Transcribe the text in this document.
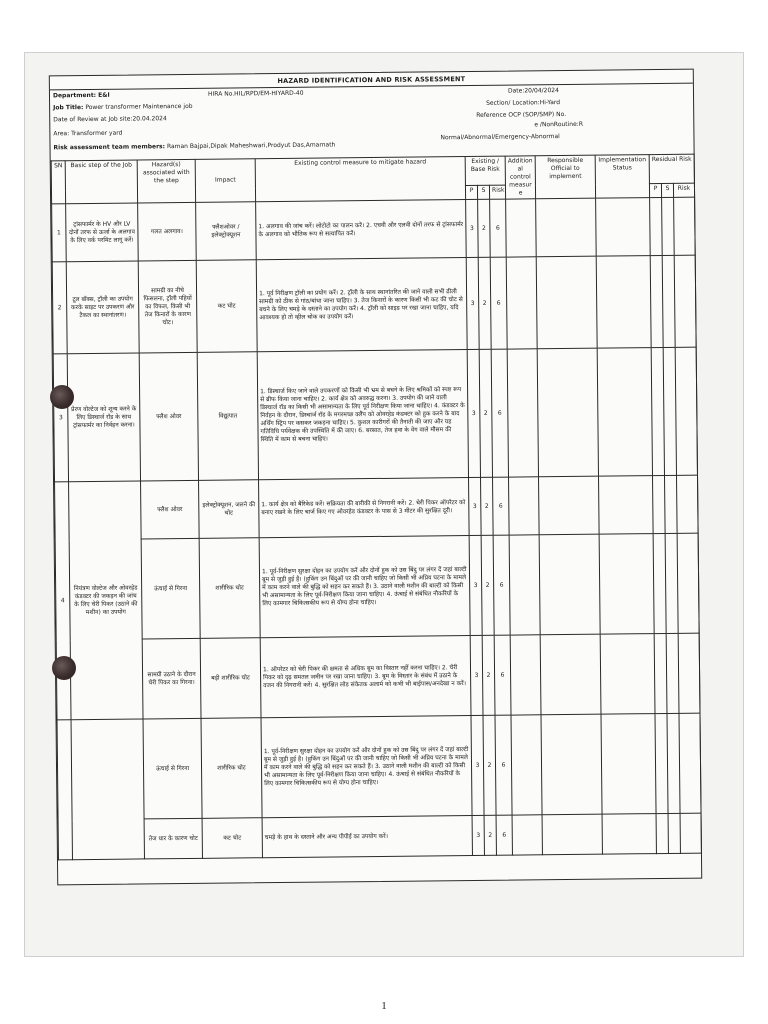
HAZARD IDENTIFICATION AND RISK ASSESSMENT
Department: E&I	HIRA No.HIL/RPD/EM-HIYARD-40	Date:20/04/2024
Job Title: Power transformer Maintenance job	Section/ Location:Hi-Yard
Date of Review at Job site:20.04.2024
Reference OCP (SOP/SMP) No.
e /NonRoutine:R
Area: Transformer yard	Normal/Abnormal/Emergency-Abnormal
Risk assessment team members: Raman Bajpai,Dipak Maheshwari,Prodyut Das,Amarnath
SN	Basic step of the Job	Hazard(s) associated with the step	Impact	Existing control measure to mitigate hazard	Existing / Base Risk			Addition al control measur e	Responsible Official to implement	Implementation Status	Residual Risk		
					P	S	Risk				P	S	Risk
1	ट्रांसफार्मर के HV और LV दोनों तरफ से ऊर्जा के अलगाव के लिए वर्क परमिट लागू करें।	गलत अलगाव।	फ्लैशओवर / इलेक्ट्रोक्यूशन	1. अलगाव की जांच करें। लोटोटो का पालन करें। 2. एचवी और एलवी दोनों तरफ से ट्रांसफार्मर के अलगाव को भौतिक रूप से सत्यापित करें।	3	2	6						
2	टूल बॉक्स, ट्रॉली का उपयोग करके साइट पर उपकरण और टैकल का स्थानांतरण।	सामग्री का नीचे फिसलना, ट्रॉली पहियों का विफल, किसी भी तेज किनारों के कारण चोट।	कट चोट	1. पूर्व निरीक्षण ट्रॉली का प्रयोग करें। 2. ट्रॉली के साथ स्थानांतरित की जाने वाली सभी ढीली सामग्री को ठीक से गांठ/बांधा जाना चाहिए। 3. तेज किनारों के कारण किसी भी कट की चोट से बचने के लिए चमड़े के दस्ताने का उपयोग करें। 4. ट्रॉली को साइड पर रखा जाना चाहिए, यदि आवश्यक हो तो व्हील चोक का उपयोग करें।	3	2	6						
3	प्रेरण वोल्टेज को शून्य करने के लिए डिस्चार्ज रॉड के साथ ट्रांसफार्मर का निर्वहन करना।	फ्लैश ओवर	विद्युत्पात	1. डिस्चार्ज किए जाने वाले उपकरणों को किसी भी भ्रम से बचने के लिए श्रमिकों को स्पष्ट रूप से ब्रीफ किया जाना चाहिए। 2. कार्य क्षेत्र को अवरुद्ध करना। 3. उपयोग की जाने वाली डिस्चार्ज रॉड का किसी भी असामान्यता के लिए पूर्व निरीक्षण किया जाना चाहिए। 4. कंडक्टर के निर्वहन के दौरान, डिस्चार्ज रॉड के मगरमच्छ क्लैंप को ओवरहेड कंडक्टर को हुक करने के बाद अर्थिंग स्ट्रिप पर कसकर जकड़ना चाहिए। 5. कुशल कारीगरों की तैनाती की जाए और यह गतिविधि पर्यवेक्षक की उपस्थिति में की जाए। 6. बरसात, तेज हवा के वेग वाले मौसम की स्थिति में काम से बचना चाहिए।	3	2	6						
4	नियंत्रण वोल्टेज और ओवरहेड कंडक्टर की जकड़न की जांच के लिए चेरी पिकर (उठाने की मशीन) का उपयोग	फ्लैश ओवर	इलेक्ट्रोक्यूशन, जलने की चोट	1. कार्य क्षेत्र को बैरिकेड करें। सक्रियता की बारीकी से निगरानी करें। 2. चेरी पिकर ऑपरेटर को बनाए रखने के लिए चार्ज किए गए ओवरहेड कंडक्टर के पास से 3 मीटर की सुरक्षित दूरी।	3	2	6						
		ऊंचाई से गिरना	शारीरिक चोट	1. पूर्व-निरीक्षण सुरक्षा दोहन का उपयोग करें और दोनों हुक को उस बिंदु पर लंगर दें जहां बाल्टी बूम से जुड़ी हुई है। (हुकिंग उन बिंदुओं पर की जानी चाहिए जो किसी भी अप्रिय घटना के मामले में काम करने वाले की बुद्धि को सहन कर सकते हैं। 3. उठाने वाली मशीन की बाल्टी को किसी भी असामान्यता के लिए पूर्व-निरीक्षण किया जाना चाहिए। 4. ऊंचाई से संबंधित नौकरियों के लिए कामगार चिकित्सकीय रूप से योग्य होना चाहिए।	3	2	6						
		सामग्री उठाने के दौरान चेरी पिकर का गिरना।	बड़ी शारीरिक चोट	1. ऑपरेटर को चेरी पिकर की क्षमता से अधिक बूम का विस्तार नहीं करना चाहिए। 2. चेरी पिकर को दृढ़ समतल जमीन पर रखा जाना चाहिए। 3. बूम के विस्तार के संबंध में उठाने के वजन की निगरानी करें। 4. सुरक्षित लोड संकेतक अलार्म को कभी भी बाईपास/अनदेखा न करें।	3	2	6						
		ऊंचाई से गिरना	शारीरिक चोट	1. पूर्व-निरीक्षण सुरक्षा दोहन का उपयोग करें और दोनों हुक को उस बिंदु पर लंगर दें जहां बाल्टी बूम से जुड़ी हुई है। (हुकिंग उन बिंदुओं पर की जानी चाहिए जो किसी भी अप्रिय घटना के मामले में काम करने वाले की बुद्धि को सहन कर सकते हैं। 3. उठाने वाली मशीन की बाल्टी को किसी भी असामान्यता के लिए पूर्व-निरीक्षण किया जाना चाहिए। 4. ऊंचाई से संबंधित नौकरियों के लिए कामगार चिकित्सकीय रूप से योग्य होना चाहिए।	3	2	6						
		तेज धार के कारण चोट	कट चोट	चमड़े के हाथ के दस्ताने और अन्य पीपीई का उपयोग करें।	3	2	6						
1
